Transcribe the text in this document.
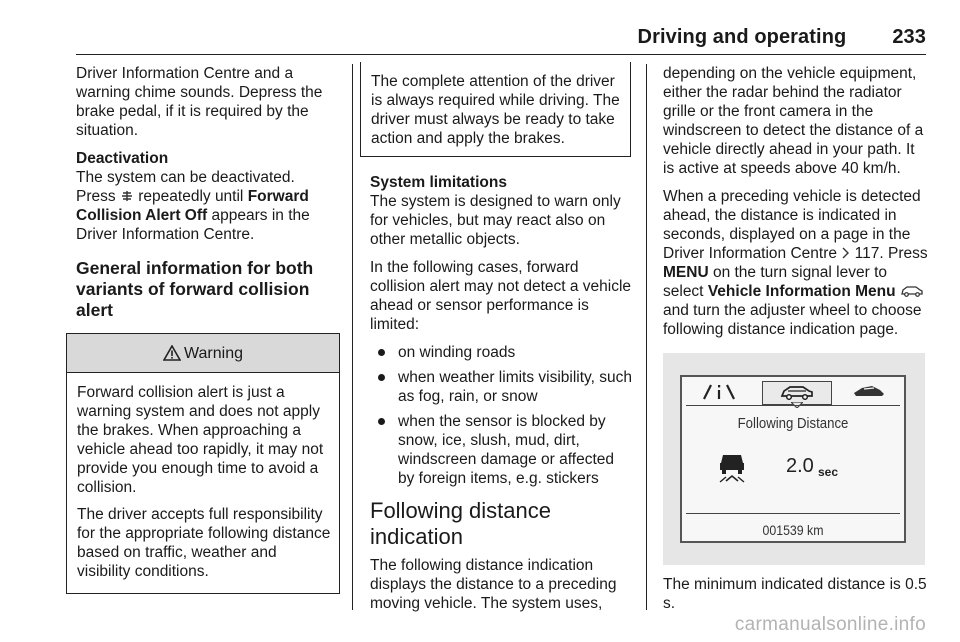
Driving and operating 233

Driver Information Centre and a warning chime sounds. Depress the brake pedal, if it is required by the situation.

Deactivation

The system can be deactivated.
Press repeatedly until Forward Collision Alert Off appears in the Driver Information Centre.

General information for both variants of forward collision alert

Warning

Forward collision alert is just a warning system and does not apply the brakes. When approaching a vehicle ahead too rapidly, it may not provide you enough time to avoid a collision.

The driver accepts full responsibility for the appropriate following distance based on traffic, weather and visibility conditions.

The complete attention of the driver is always required while driving. The driver must always be ready to take action and apply the brakes.

System limitations

The system is designed to warn only for vehicles, but may react also on other metallic objects.

In the following cases, forward collision alert may not detect a vehicle ahead or sensor performance is limited:

on winding roads
when weather limits visibility, such as fog, rain, or snow
when the sensor is blocked by snow, ice, slush, mud, dirt, windscreen damage or affected by foreign items, e.g. stickers

Following distance indication

The following distance indication displays the distance to a preceding moving vehicle. The system uses,

depending on the vehicle equipment, either the radar behind the radiator grille or the front camera in the windscreen to detect the distance of a vehicle directly ahead in your path. It is active at speeds above 40 km/h.

When a preceding vehicle is detected ahead, the distance is indicated in seconds, displayed on a page in the Driver Information Centre 117. Press MENU on the turn signal lever to select Vehicle Information Menu  and turn the adjuster wheel to choose following distance indication page.

Following Distance
2.0 sec
001539 km

The minimum indicated distance is 0.5 s.

carmanualsonline.info
